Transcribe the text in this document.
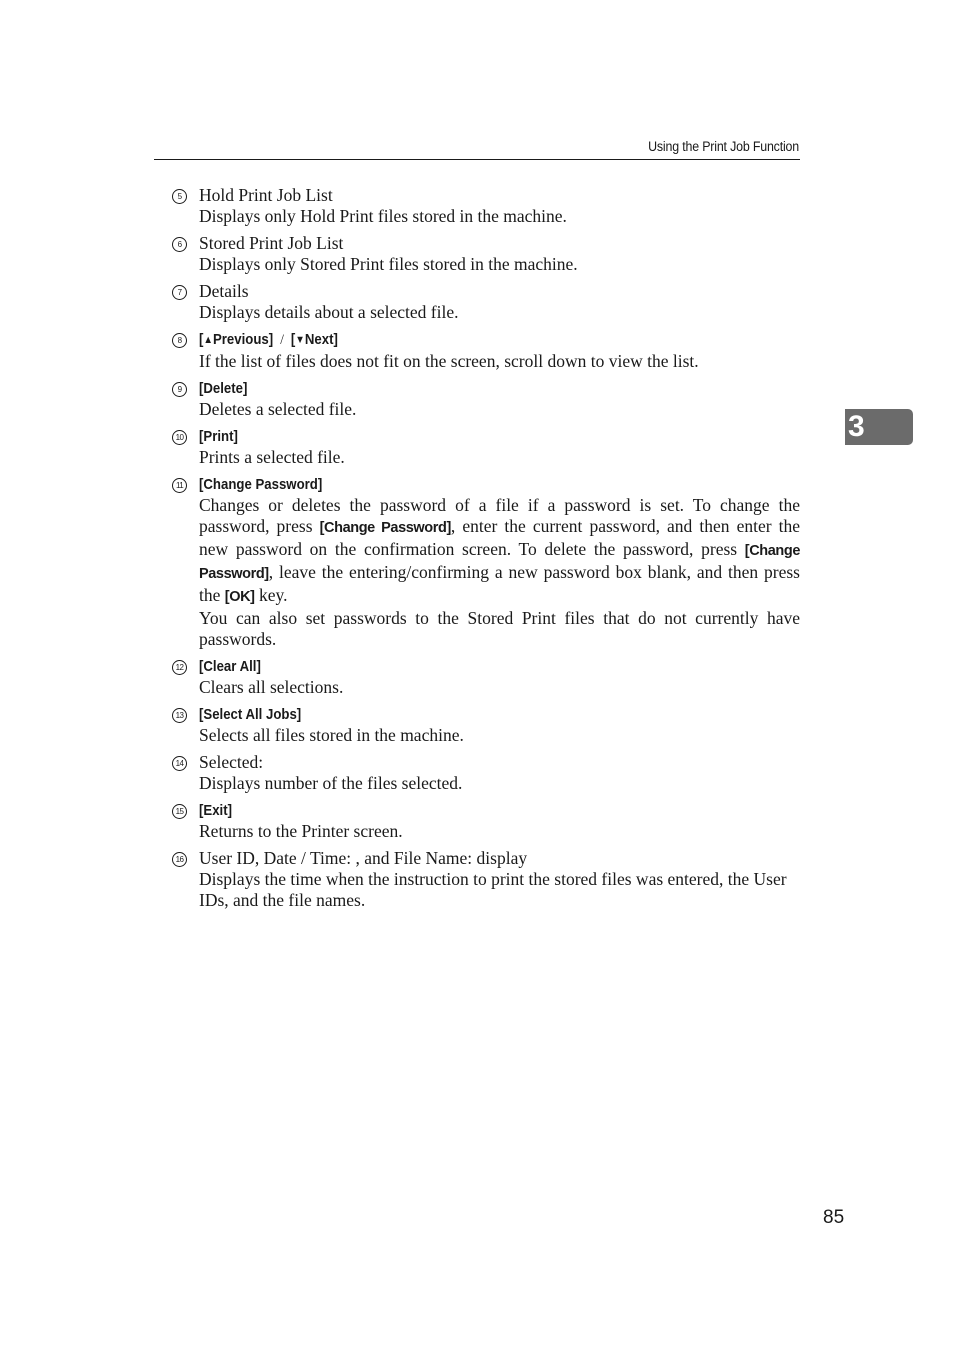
Using the Print Job Function
5	Hold Print Job List
Displays only Hold Print files stored in the machine.
6	Stored Print Job List
Displays only Stored Print files stored in the machine.
7	Details
Displays details about a selected file.
8	[▲Previous] / [▼Next]
If the list of files does not fit on the screen, scroll down to view the list.
9	[Delete]
Deletes a selected file.
10 [Print]
Prints a selected file.
11 [Change Password]
Changes or deletes the password of a file if a password is set. To change the password, press [Change Password], enter the current password, and then enter the new password on the confirmation screen. To delete the password, press [Change Password], leave the entering/confirming a new password box blank, and then press the [OK] key.
You can also set passwords to the Stored Print files that do not currently have passwords.
12 [Clear All]
Clears all selections.
13 [Select All Jobs]
Selects all files stored in the machine.
14 Selected:
Displays number of the files selected.
15 [Exit]
Returns to the Printer screen.
16 User ID, Date / Time: , and File Name: display
Displays the time when the instruction to print the stored files was entered, the User IDs, and the file names.
3
85
